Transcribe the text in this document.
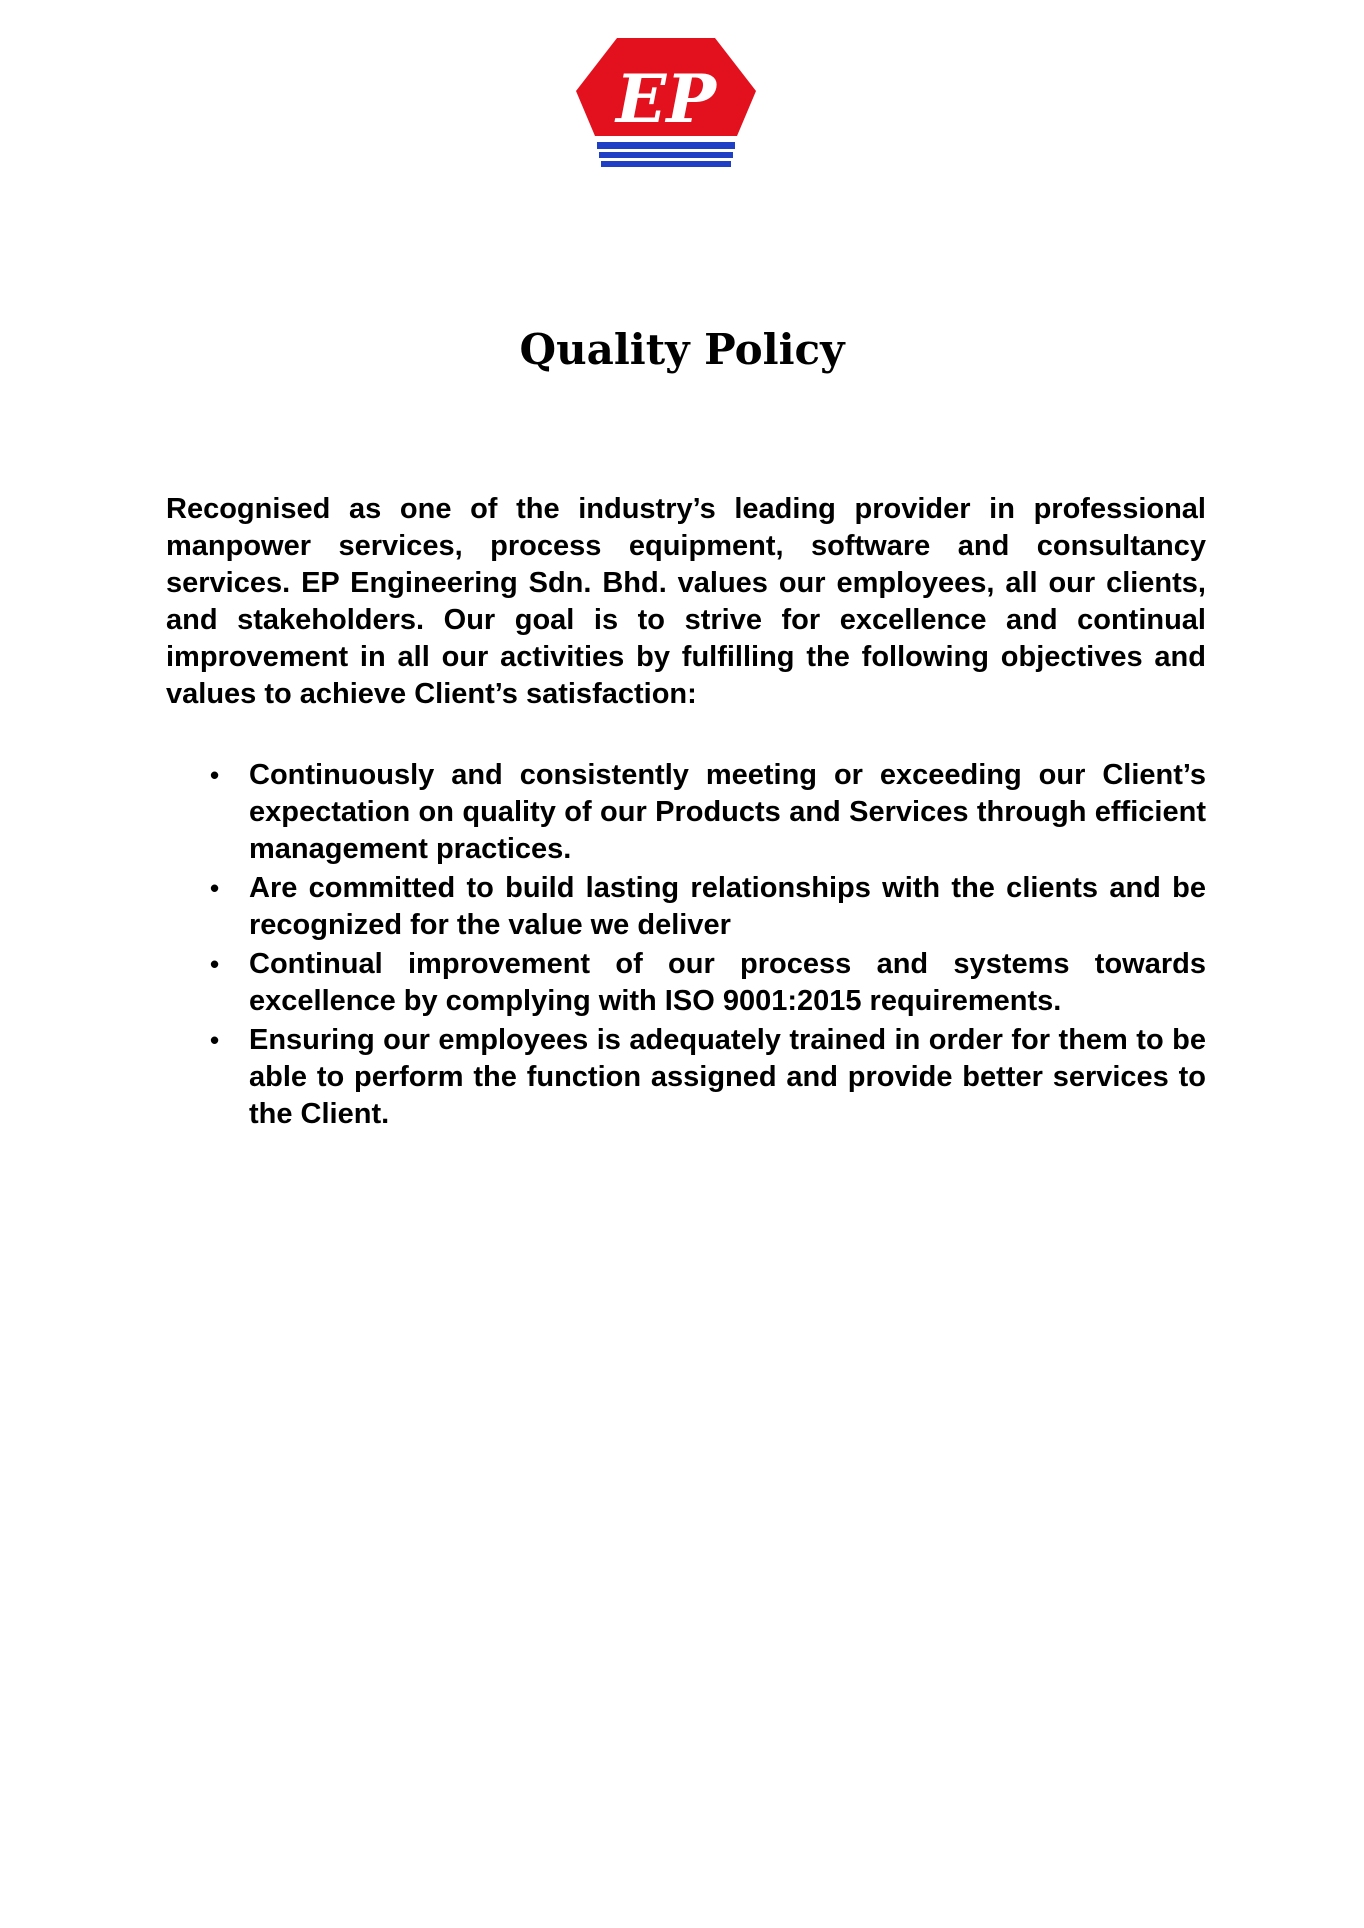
EP
Quality Policy

Recognised as one of the industry’s leading provider in professional manpower services, process equipment, software and consultancy services. EP Engineering Sdn. Bhd. values our employees, all our clients, and stakeholders. Our goal is to strive for excellence and continual improvement in all our activities by fulfilling the following objectives and values to achieve Client’s satisfaction:

• Continuously and consistently meeting or exceeding our Client’s expectation on quality of our Products and Services through efficient management practices.
• Are committed to build lasting relationships with the clients and be recognized for the value we deliver
• Continual improvement of our process and systems towards excellence by complying with ISO 9001:2015 requirements.
• Ensuring our employees is adequately trained in order for them to be able to perform the function assigned and provide better services to the Client.
